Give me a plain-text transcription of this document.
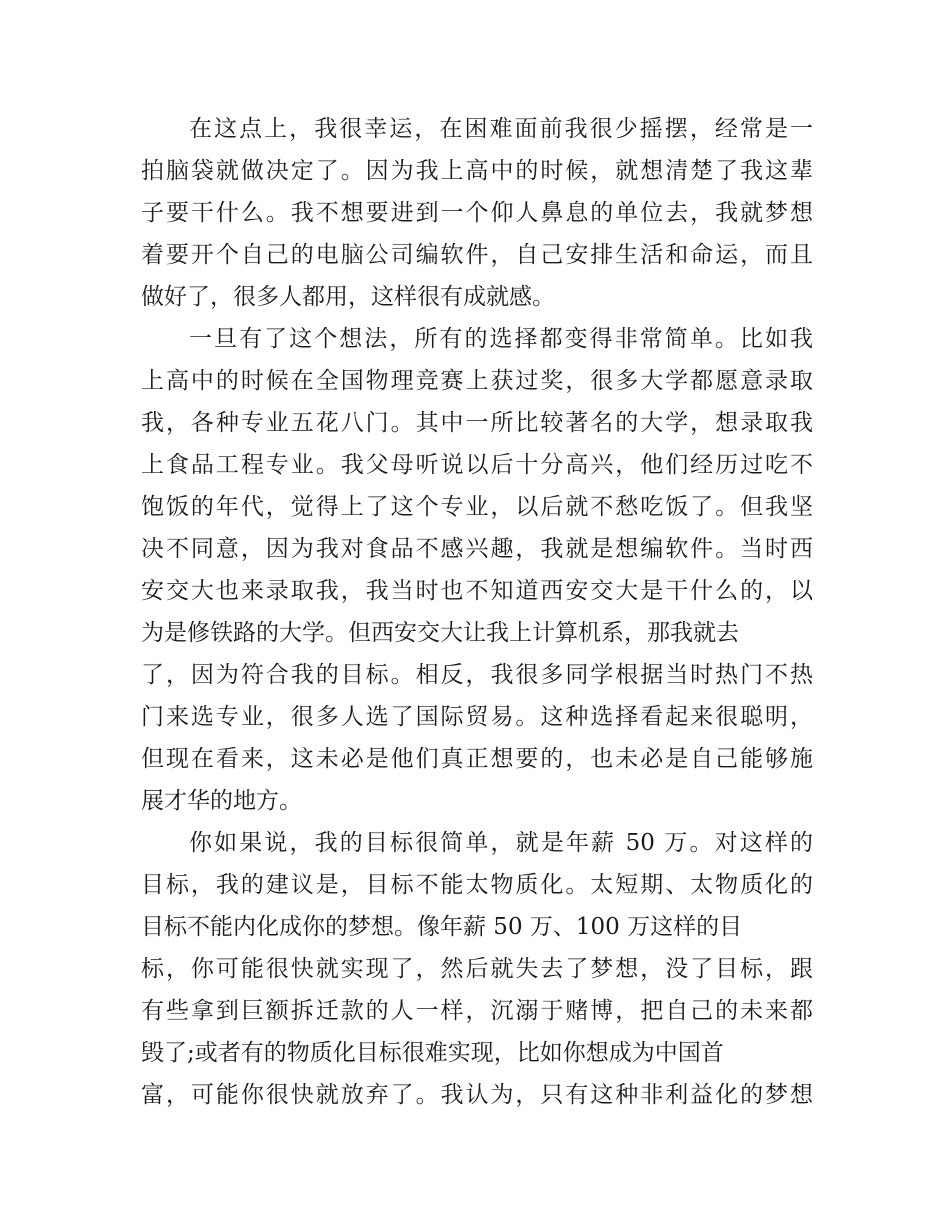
在这点上，我很幸运，在困难面前我很少摇摆，经常是一
拍脑袋就做决定了。因为我上高中的时候，就想清楚了我这辈
子要干什么。我不想要进到一个仰人鼻息的单位去，我就梦想
着要开个自己的电脑公司编软件，自己安排生活和命运，而且
做好了，很多人都用，这样很有成就感。
一旦有了这个想法，所有的选择都变得非常简单。比如我
上高中的时候在全国物理竞赛上获过奖，很多大学都愿意录取
我，各种专业五花八门。其中一所比较著名的大学，想录取我
上食品工程专业。我父母听说以后十分高兴，他们经历过吃不
饱饭的年代，觉得上了这个专业，以后就不愁吃饭了。但我坚
决不同意，因为我对食品不感兴趣，我就是想编软件。当时西
安交大也来录取我，我当时也不知道西安交大是干什么的，以
为是修铁路的大学。但西安交大让我上计算机系，那我就去
了，因为符合我的目标。相反，我很多同学根据当时热门不热
门来选专业，很多人选了国际贸易。这种选择看起来很聪明，
但现在看来，这未必是他们真正想要的，也未必是自己能够施
展才华的地方。
你如果说，我的目标很简单，就是年薪 50 万。对这样的
目标，我的建议是，目标不能太物质化。太短期、太物质化的
目标不能内化成你的梦想。像年薪 50 万、100 万这样的目
标，你可能很快就实现了，然后就失去了梦想，没了目标，跟
有些拿到巨额拆迁款的人一样，沉溺于赌博，把自己的未来都
毁了;或者有的物质化目标很难实现，比如你想成为中国首
富，可能你很快就放弃了。我认为，只有这种非利益化的梦想
